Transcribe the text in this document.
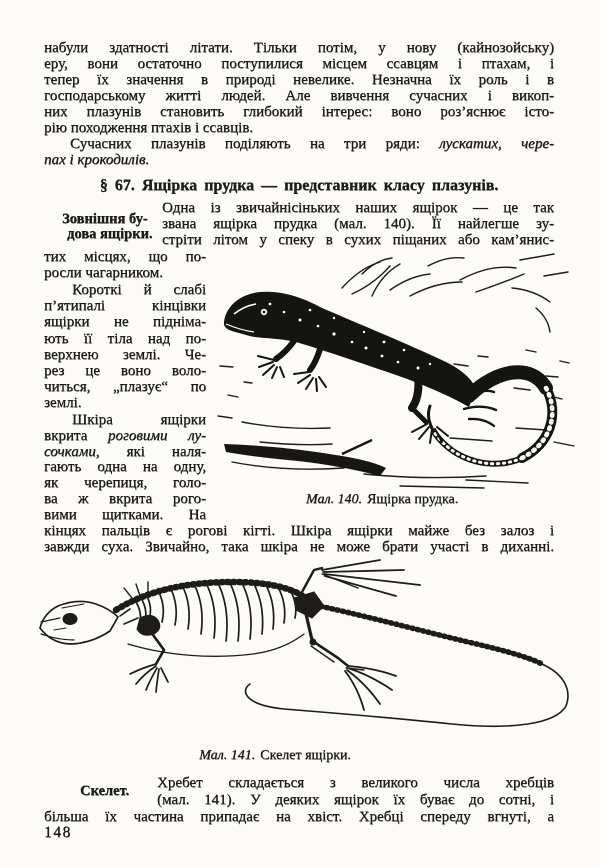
набули здатності літати. Тільки потім, у нову (кайнозойську)
еру, вони остаточно поступилися місцем ссавцям і птахам, і
тепер їх значення в природі невелике. Незначна їх роль і в
господарському житті людей. Але вивчення сучасних і викоп-
них плазунів становить глибокий інтерес: воно роз’яснює істо-
рію походження птахів і ссавців.
Сучасних плазунів поділяють на три ряди: лускатих, чере-
пах і крокодилів.
§ 67. Ящірка прудка — представник класу плазунів.
Зовнішня бу-
дова ящірки.
Одна із звичайнісіньких наших ящірок — це так
звана ящірка прудка (мал. 140). Її найлегше зу-
стріти літом у спеку в сухих піщаних або кам’янис-
тих місцях, що по-
росли чагарником.
Короткі й слабі
п’ятипалі кінцівки
ящірки не підніма-
ють її тіла над по-
верхнею землі. Че-
рез це воно воло-
читься, „плазує“ по
землі.
Шкіра ящірки
вкрита роговими лу-
сочками, які наля-
гають одна на одну,
як черепиця, голо-
ва ж вкрита рого-
вими щитками. На
кінцях пальців є рогові кігті. Шкіра ящірки майже без залоз і
завжди суха. Звичайно, така шкіра не може брати участі в диханні.
Мал. 140. Ящірка прудка.
Мал. 141. Скелет ящірки.
Скелет. Хребет складається з великого числа хребців
(мал. 141). У деяких ящірок їх буває до сотні, і
більша їх частина припадає на хвіст. Хребці спереду вгнуті, а
148
